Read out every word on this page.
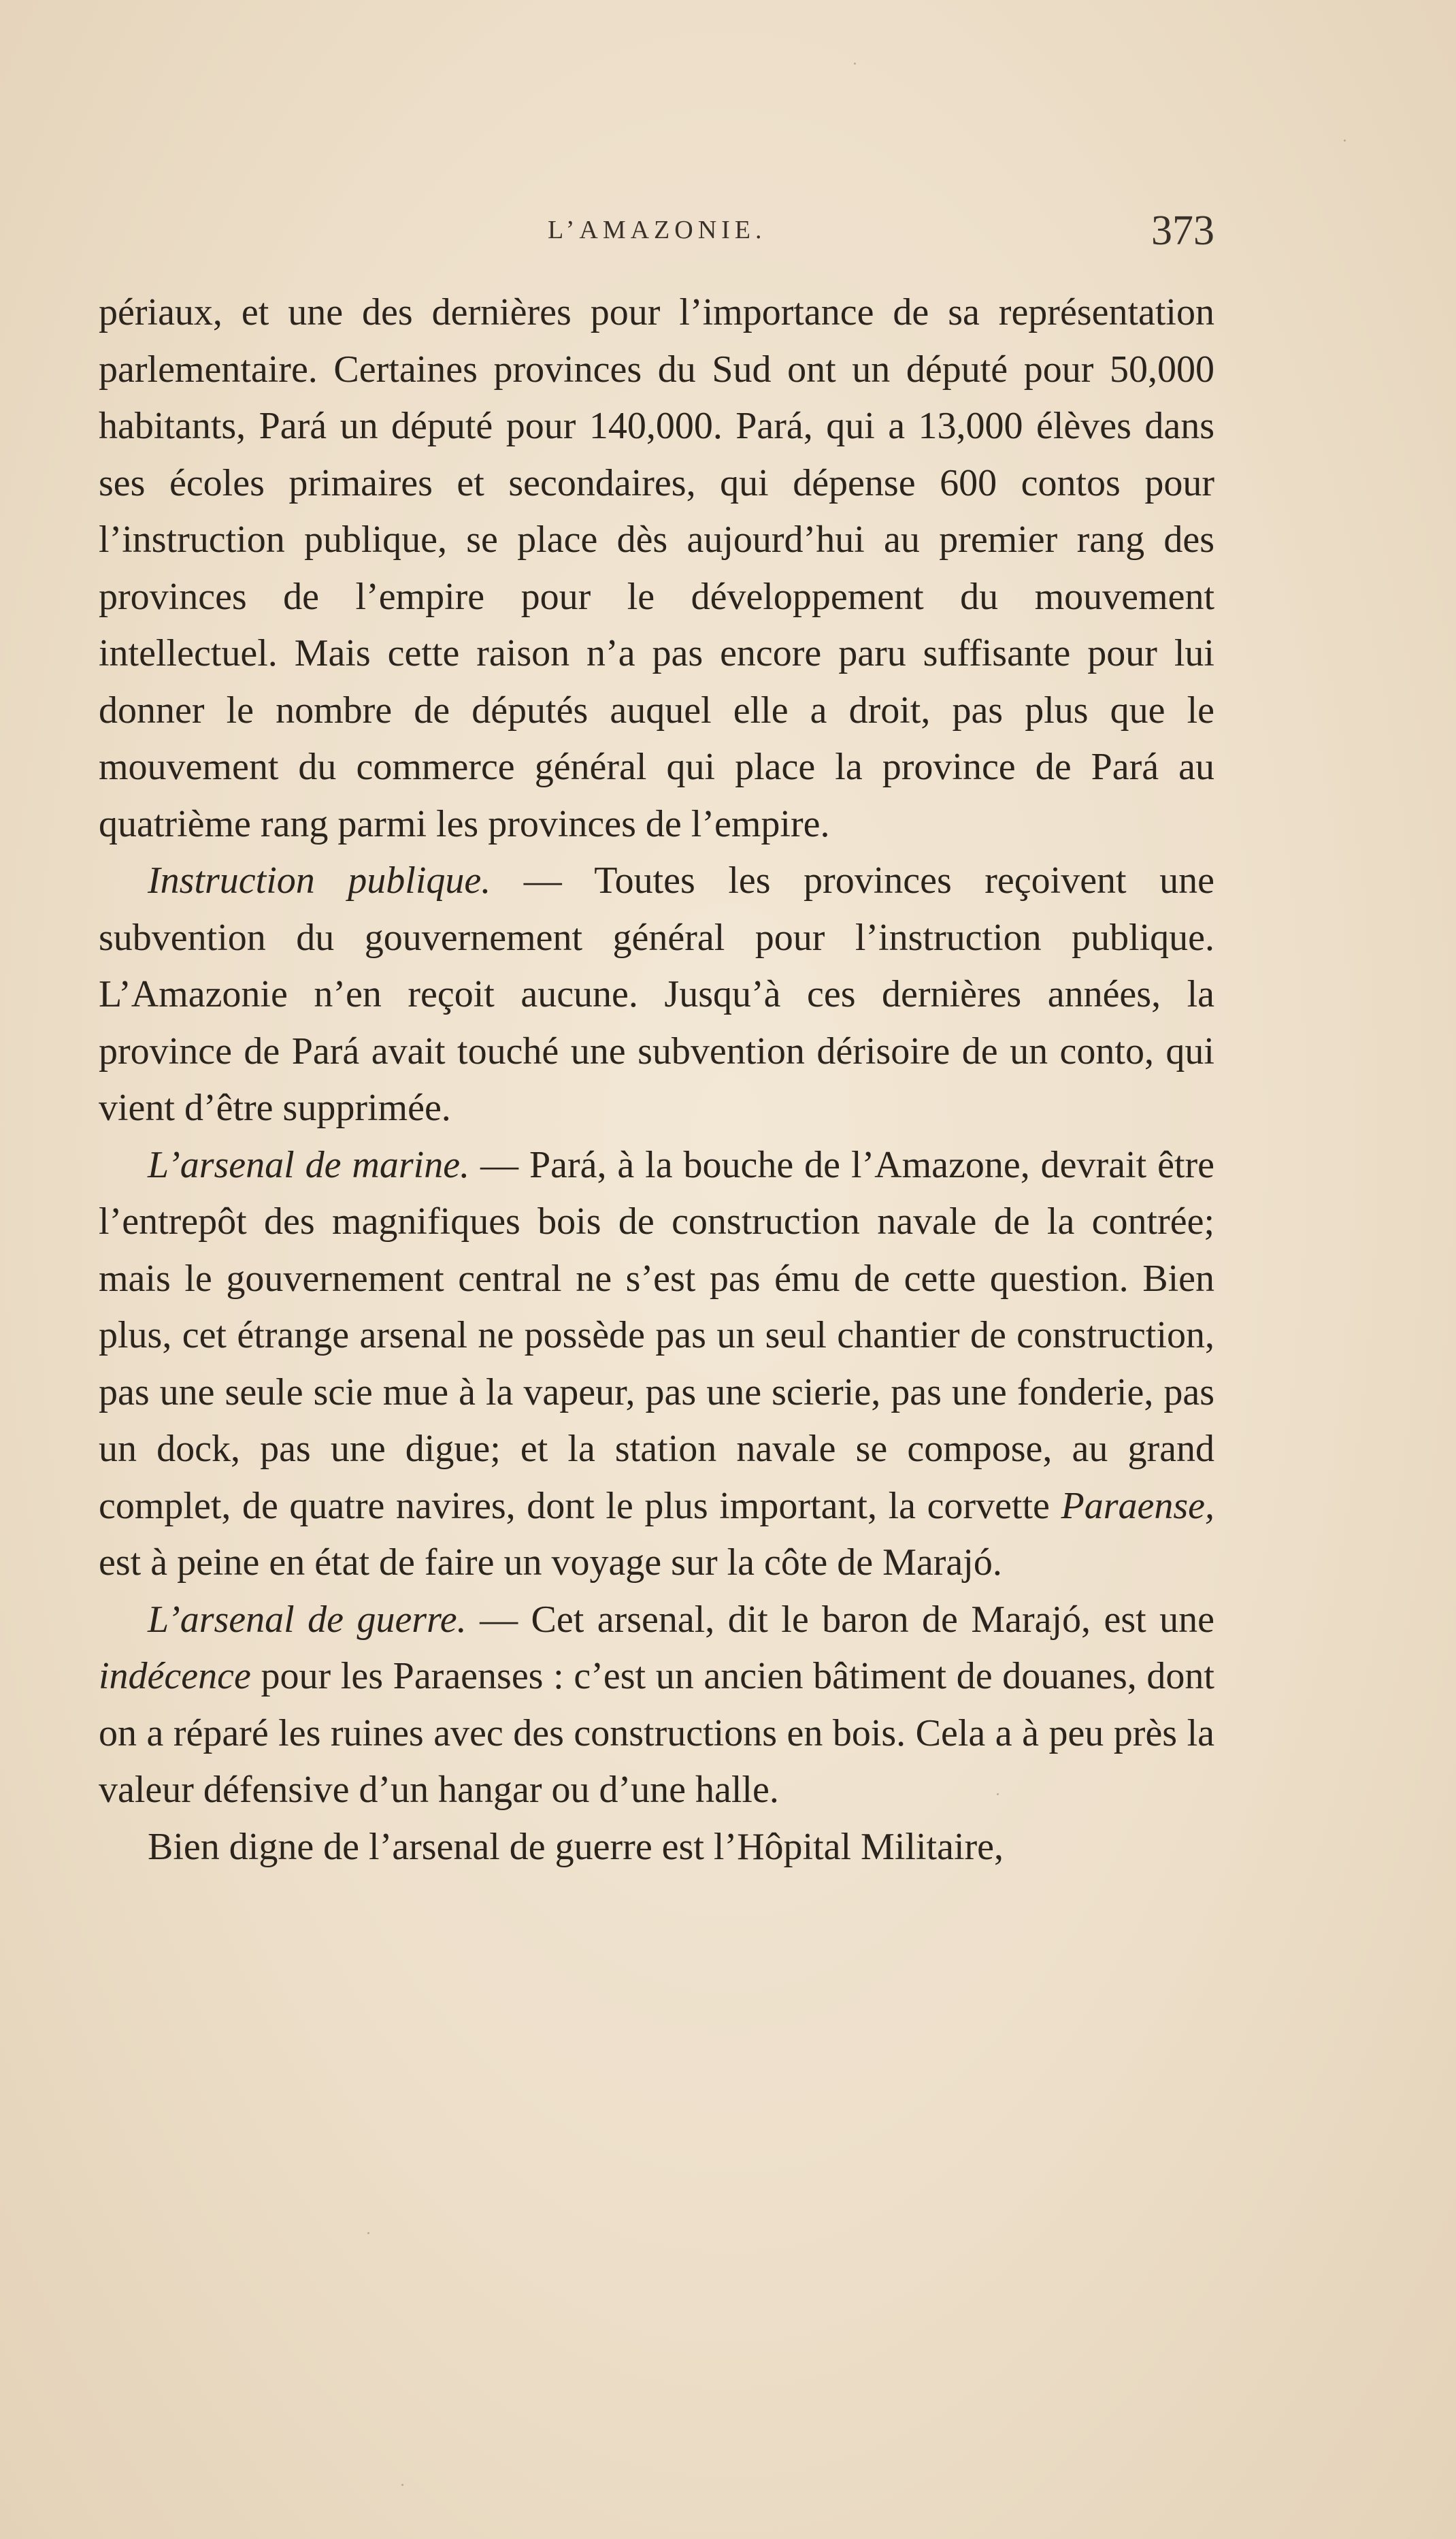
L’AMAZONIE.	373

périaux, et une des dernières pour l’importance de sa représentation parlementaire. Certaines provinces du Sud ont un député pour 50,000 habitants, Pará un député pour 140,000. Pará, qui a 13,000 élèves dans ses écoles primaires et secondaires, qui dépense 600 contos pour l’instruction publique, se place dès aujourd’hui au premier rang des provinces de l’empire pour le développement du mouvement intellectuel. Mais cette raison n’a pas encore paru suffisante pour lui donner le nombre de députés auquel elle a droit, pas plus que le mouvement du commerce général qui place la province de Pará au quatrième rang parmi les provinces de l’empire.

Instruction publique. — Toutes les provinces reçoivent une subvention du gouvernement général pour l’instruction publique. L’Amazonie n’en reçoit aucune. Jusqu’à ces dernières années, la province de Pará avait touché une subvention dérisoire de un conto, qui vient d’être supprimée.

L’arsenal de marine. — Pará, à la bouche de l’Amazone, devrait être l’entrepôt des magnifiques bois de construction navale de la contrée; mais le gouvernement central ne s’est pas ému de cette question. Bien plus, cet étrange arsenal ne possède pas un seul chantier de construction, pas une seule scie mue à la vapeur, pas une scierie, pas une fonderie, pas un dock, pas une digue; et la station navale se compose, au grand complet, de quatre navires, dont le plus important, la corvette Paraense, est à peine en état de faire un voyage sur la côte de Marajó.

L’arsenal de guerre. — Cet arsenal, dit le baron de Marajó, est une indécence pour les Paraenses : c’est un ancien bâtiment de douanes, dont on a réparé les ruines avec des constructions en bois. Cela a à peu près la valeur défensive d’un hangar ou d’une halle.

Bien digne de l’arsenal de guerre est l’Hôpital Militaire,
